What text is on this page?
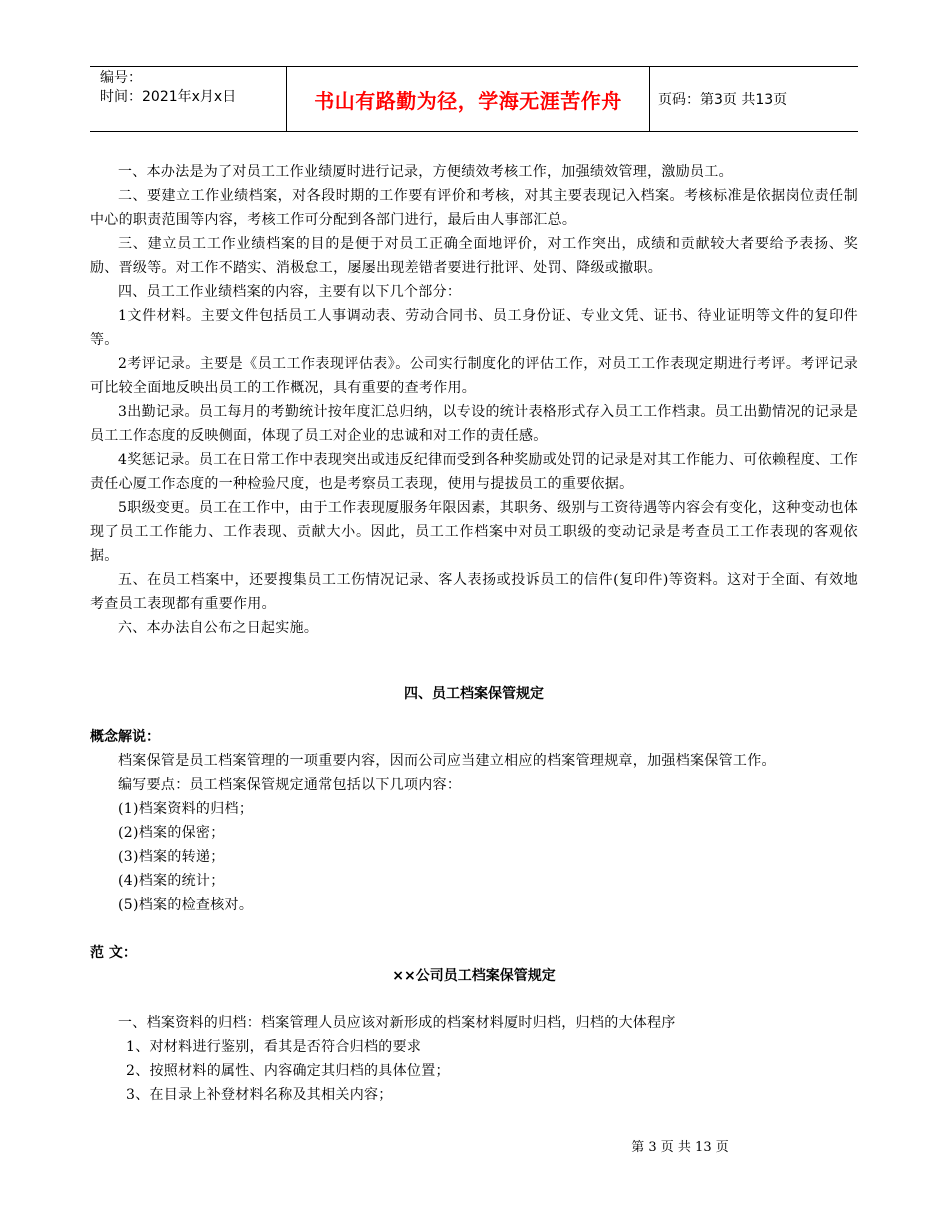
编号：
时间：2021年x月x日	书山有路勤为径，学海无涯苦作舟	页码：第3页 共13页

一、本办法是为了对员工工作业绩厦时进行记录，方便绩效考核工作，加强绩效管理，激励员工。

二、要建立工作业绩档案，对各段时期的工作要有评价和考核，对其主要表现记入档案。考核标准是依据岗位责任制中心的职责范围等内容，考核工作可分配到各部门进行，最后由人事部汇总。

三、建立员工工作业绩档案的目的是便于对员工正确全面地评价，对工作突出，成绩和贡献较大者要给予表扬、奖励、晋级等。对工作不踏实、消极怠工，屡屡出现差错者要进行批评、处罚、降级或撤职。

四、员工工作业绩档案的内容，主要有以下几个部分：

1文件材料。主要文件包括员工人事调动表、劳动合同书、员工身份证、专业文凭、证书、待业证明等文件的复印件等。

2考评记录。主要是《员工工作表现评估表》。公司实行制度化的评估工作，对员工工作表现定期进行考评。考评记录可比较全面地反映出员工的工作概况，具有重要的查考作用。

3出勤记录。员工每月的考勤统计按年度汇总归纳，以专设的统计表格形式存入员工工作档隶。员工出勤情况的记录是员工工作态度的反映侧面，体现了员工对企业的忠诚和对工作的责任感。

4奖惩记录。员工在日常工作中表现突出或违反纪律而受到各种奖励或处罚的记录是对其工作能力、可依赖程度、工作责任心厦工作态度的一种检验尺度，也是考察员工表现，使用与提拔员工的重要依据。

5职级变更。员工在工作中，由于工作表现厦服务年限因素，其职务、级别与工资待遇等内容会有变化，这种变动也体现了员工工作能力、工作表现、贡献大小。因此，员工工作档案中对员工职级的变动记录是考查员工工作表现的客观依据。

五、在员工档案中，还要搜集员工工伤情况记录、客人表扬或投诉员工的信件(复印件)等资料。这对于全面、有效地考查员工表现都有重要作用。

六、本办法自公布之日起实施。

四、员工档案保管规定

概念解说：

档案保管是员工档案管理的一项重要内容，因而公司应当建立相应的档案管理规章，加强档案保管工作。

编写要点：员工档案保管规定通常包括以下几项内容：

(1)档案资料的归档；

(2)档案的保密；

(3)档案的转递；

(4)档案的统计；

(5)档案的检查核对。

范 文：

××公司员工档案保管规定

一、档案资料的归档：档案管理人员应该对新形成的档案材料厦时归档，归档的大体程序

1、对材料进行鉴别，看其是否符合归档的要求

2、按照材料的属性、内容确定其归档的具体位置；

3、在目录上补登材料名称及其相关内容；

第 3 页 共 13 页
